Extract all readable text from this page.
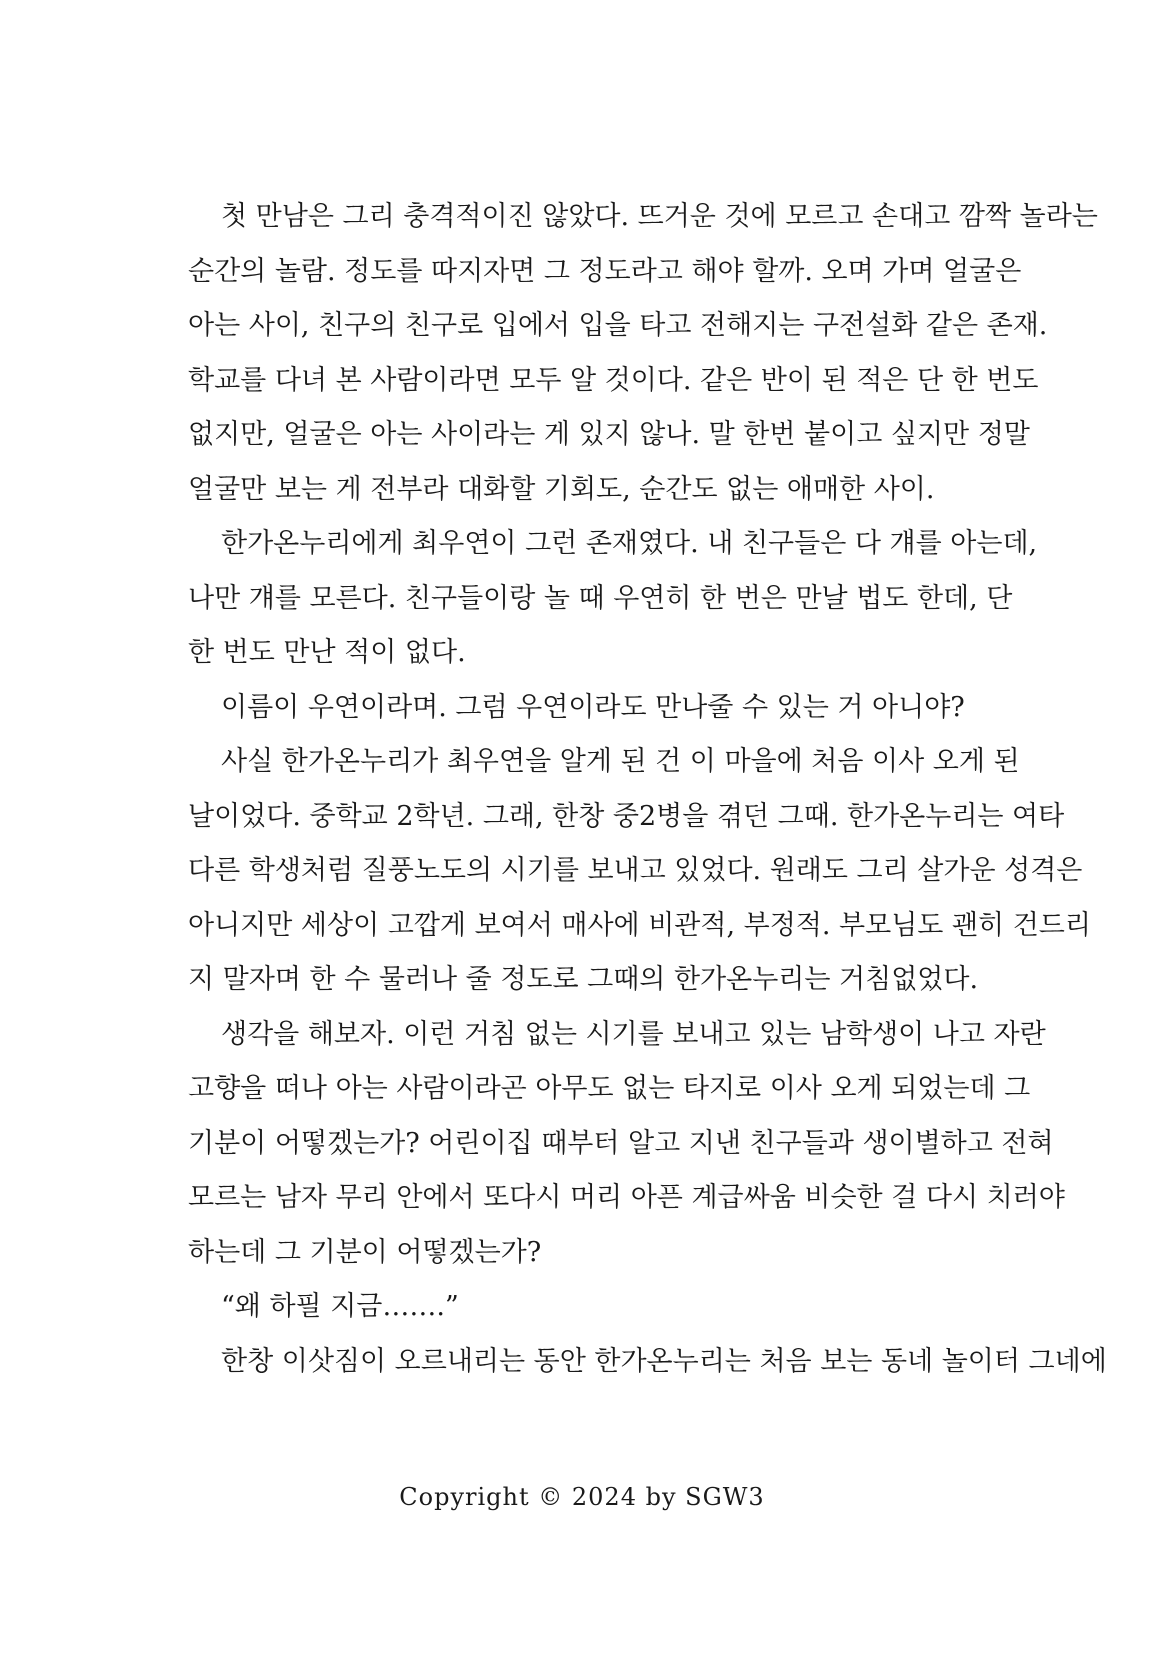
첫 만남은 그리 충격적이진 않았다. 뜨거운 것에 모르고 손대고 깜짝 놀라는
순간의 놀람. 정도를 따지자면 그 정도라고 해야 할까. 오며 가며 얼굴은
아는 사이, 친구의 친구로 입에서 입을 타고 전해지는 구전설화 같은 존재.
학교를 다녀 본 사람이라면 모두 알 것이다. 같은 반이 된 적은 단 한 번도
없지만, 얼굴은 아는 사이라는 게 있지 않나. 말 한번 붙이고 싶지만 정말
얼굴만 보는 게 전부라 대화할 기회도, 순간도 없는 애매한 사이.
한가온누리에게 최우연이 그런 존재였다. 내 친구들은 다 걔를 아는데,
나만 걔를 모른다. 친구들이랑 놀 때 우연히 한 번은 만날 법도 한데, 단
한 번도 만난 적이 없다.
이름이 우연이라며. 그럼 우연이라도 만나줄 수 있는 거 아니야?
사실 한가온누리가 최우연을 알게 된 건 이 마을에 처음 이사 오게 된
날이었다. 중학교 2학년. 그래, 한창 중2병을 겪던 그때. 한가온누리는 여타
다른 학생처럼 질풍노도의 시기를 보내고 있었다. 원래도 그리 살가운 성격은
아니지만 세상이 고깝게 보여서 매사에 비관적, 부정적. 부모님도 괜히 건드리
지 말자며 한 수 물러나 줄 정도로 그때의 한가온누리는 거침없었다.
생각을 해보자. 이런 거침 없는 시기를 보내고 있는 남학생이 나고 자란
고향을 떠나 아는 사람이라곤 아무도 없는 타지로 이사 오게 되었는데 그
기분이 어떻겠는가? 어린이집 때부터 알고 지낸 친구들과 생이별하고 전혀
모르는 남자 무리 안에서 또다시 머리 아픈 계급싸움 비슷한 걸 다시 치러야
하는데 그 기분이 어떻겠는가?
“왜 하필 지금…….”
한창 이삿짐이 오르내리는 동안 한가온누리는 처음 보는 동네 놀이터 그네에
Copyright © 2024 by SGW3
